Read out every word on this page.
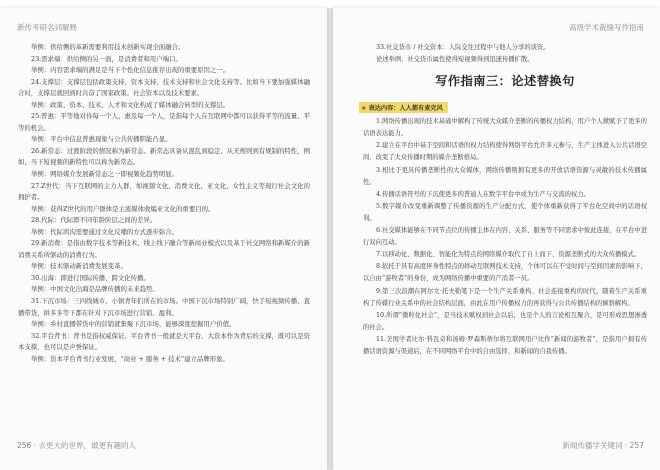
新传考研名词解释

举例：供给侧的革新需要利用技术创新实现全面融合。

23.需求端：供给侧的另一面，是消费者和用户端口。

举例：内容需求端的满足是当下个性化信息推荐出现的重要原因之一。

24.支撑层：支撑层包括政策支持、资本支持、技术支持和社会文化支持等。比如当下要加强媒体融合时，支撑层就回到时共奋了国家政策、社会资本以及技术要素。

举例：政策、资本、技术、人才和文化构成了媒体融合转型的支撑层。

25.普惠：平等地对待每一个人、惠及每一个人，是指每个人在互联网中都可以获得平等的流量、平等的机会。

举例：平台中信息普惠现象与公共传播职能凸显。

26.新常态：过渡阶段的情况称为新常态。新常态具备从混乱到稳定、从无规则到有规制的特性，例如，当下短视频的新特性可以称为新常态。

举例：网络媒介发展新常态之一即视频化趋势明显。

27.Z世代：当下互联网的主力人群，如视频文化、消费文化、亚文化、女性主义等现行社会文化的拥护者。

举例：获得Z世代的用户群体是主流媒体收编亚文化的重要目的。

28.代际：代际即不同年龄阶层之间的差异。

举例：代际鸿沟需要通过文化反哺的方式逐步弥合。

29.新消费：是指由数字技术等新技术、线上线下融合等新商业模式以及基于社交网络和新媒介的新消费关系所驱动的消费行为。

举例：技术驱动新消费发展变革。

30.出海：即进行国际传播、跨文化传播。

举例：中国文化出海是品牌传播的未来趋势。

31.下沉市场：三四线城市、小镇青年们所在的市场。中国下沉市场特别广阔，快手短视频传播、直播带货、拼多多等下都在针对下沉市场进行营销、盈利。

举例：乡村直播带货中的营销就集聚下沉市场、能够深度挖掘用户价值。

32.平台背书：背书是指权威保证。平台背书一般就是大平台、大资本作为背后的支撑，既可以是资本支撑，也可以是声誉保证。

举例：资本平台背书行业发展，“商业 + 服务 + 技术”建立品牌形象。

256 · 去更大的世界，做更有趣的人
高级学术裁缝写作指南

33.社交货币 / 社交资本：人际交往过程中与他人分享的谈资。

论述举例：社交货币属性使得短视频得到迅速传播扩散。

写作指南三：论述替换句
★ 表达内容：人人都有麦克风

1.网络传播出现的技术基础中解构了传统大众媒介垄断的传播权力结构，用户个人掀赋予了更多的话语表达能力。

2.建立在平台中基于空间和话语的权力结构使得网络平台允许多元参与，生产主体进入公共话语空间，改变了大众传播时期的媒介垄断格局。

3.相比于更具传播垄断性的大众媒体，网络传播则拥有更多的开放话语资源与灵敏的技术传播属性。

4.传播话语符号的下沉使更多的普通人在数字平台中成为生产与交流的权力。

5.数字媒介改变重新调整了传播资源的生产分配方式，使个体重新获得了平台化空间中的话语权利。

6.社交媒体能够在不同节点位的传播主体在内容、关系、服务等不同需求中彼此连接，在平台中进行双向互动。

7.以移动化、数据化、智能化为特点的网络媒介取代了自上而下、资源垄断式的大众传播模式。

8.依托于具有高度伴身性特点的移动互联网技术支持，个体可以在不受时间与空间因素的影响下，以自由“游牧者”的身份，成为网络传播中重要的产消者一员。

9.第三次浪潮在阿尔文·托夫勒笔下是一个生产关系重构、社会连接重构的时代，随着生产关系重构了传媒行业关系中的社会结构层面，由此在用户传播权力的再获得与公共传播结构的倾斜解构。

10.所谓“微粒化社会”，是当技术赋权到社会以后，也是个人的言论相互聚合，是可形成思想渗透的社会。

11.美国学者比尔·科瓦奇和汤姆·罗森斯蒂尔将互联网用户比作“新闻的游牧者”，是指用户拥有传播话语资源与渠道后，在不同网络平台中的自由选择、和新闻的自我传播。

新闻传播学关键词 · 257
